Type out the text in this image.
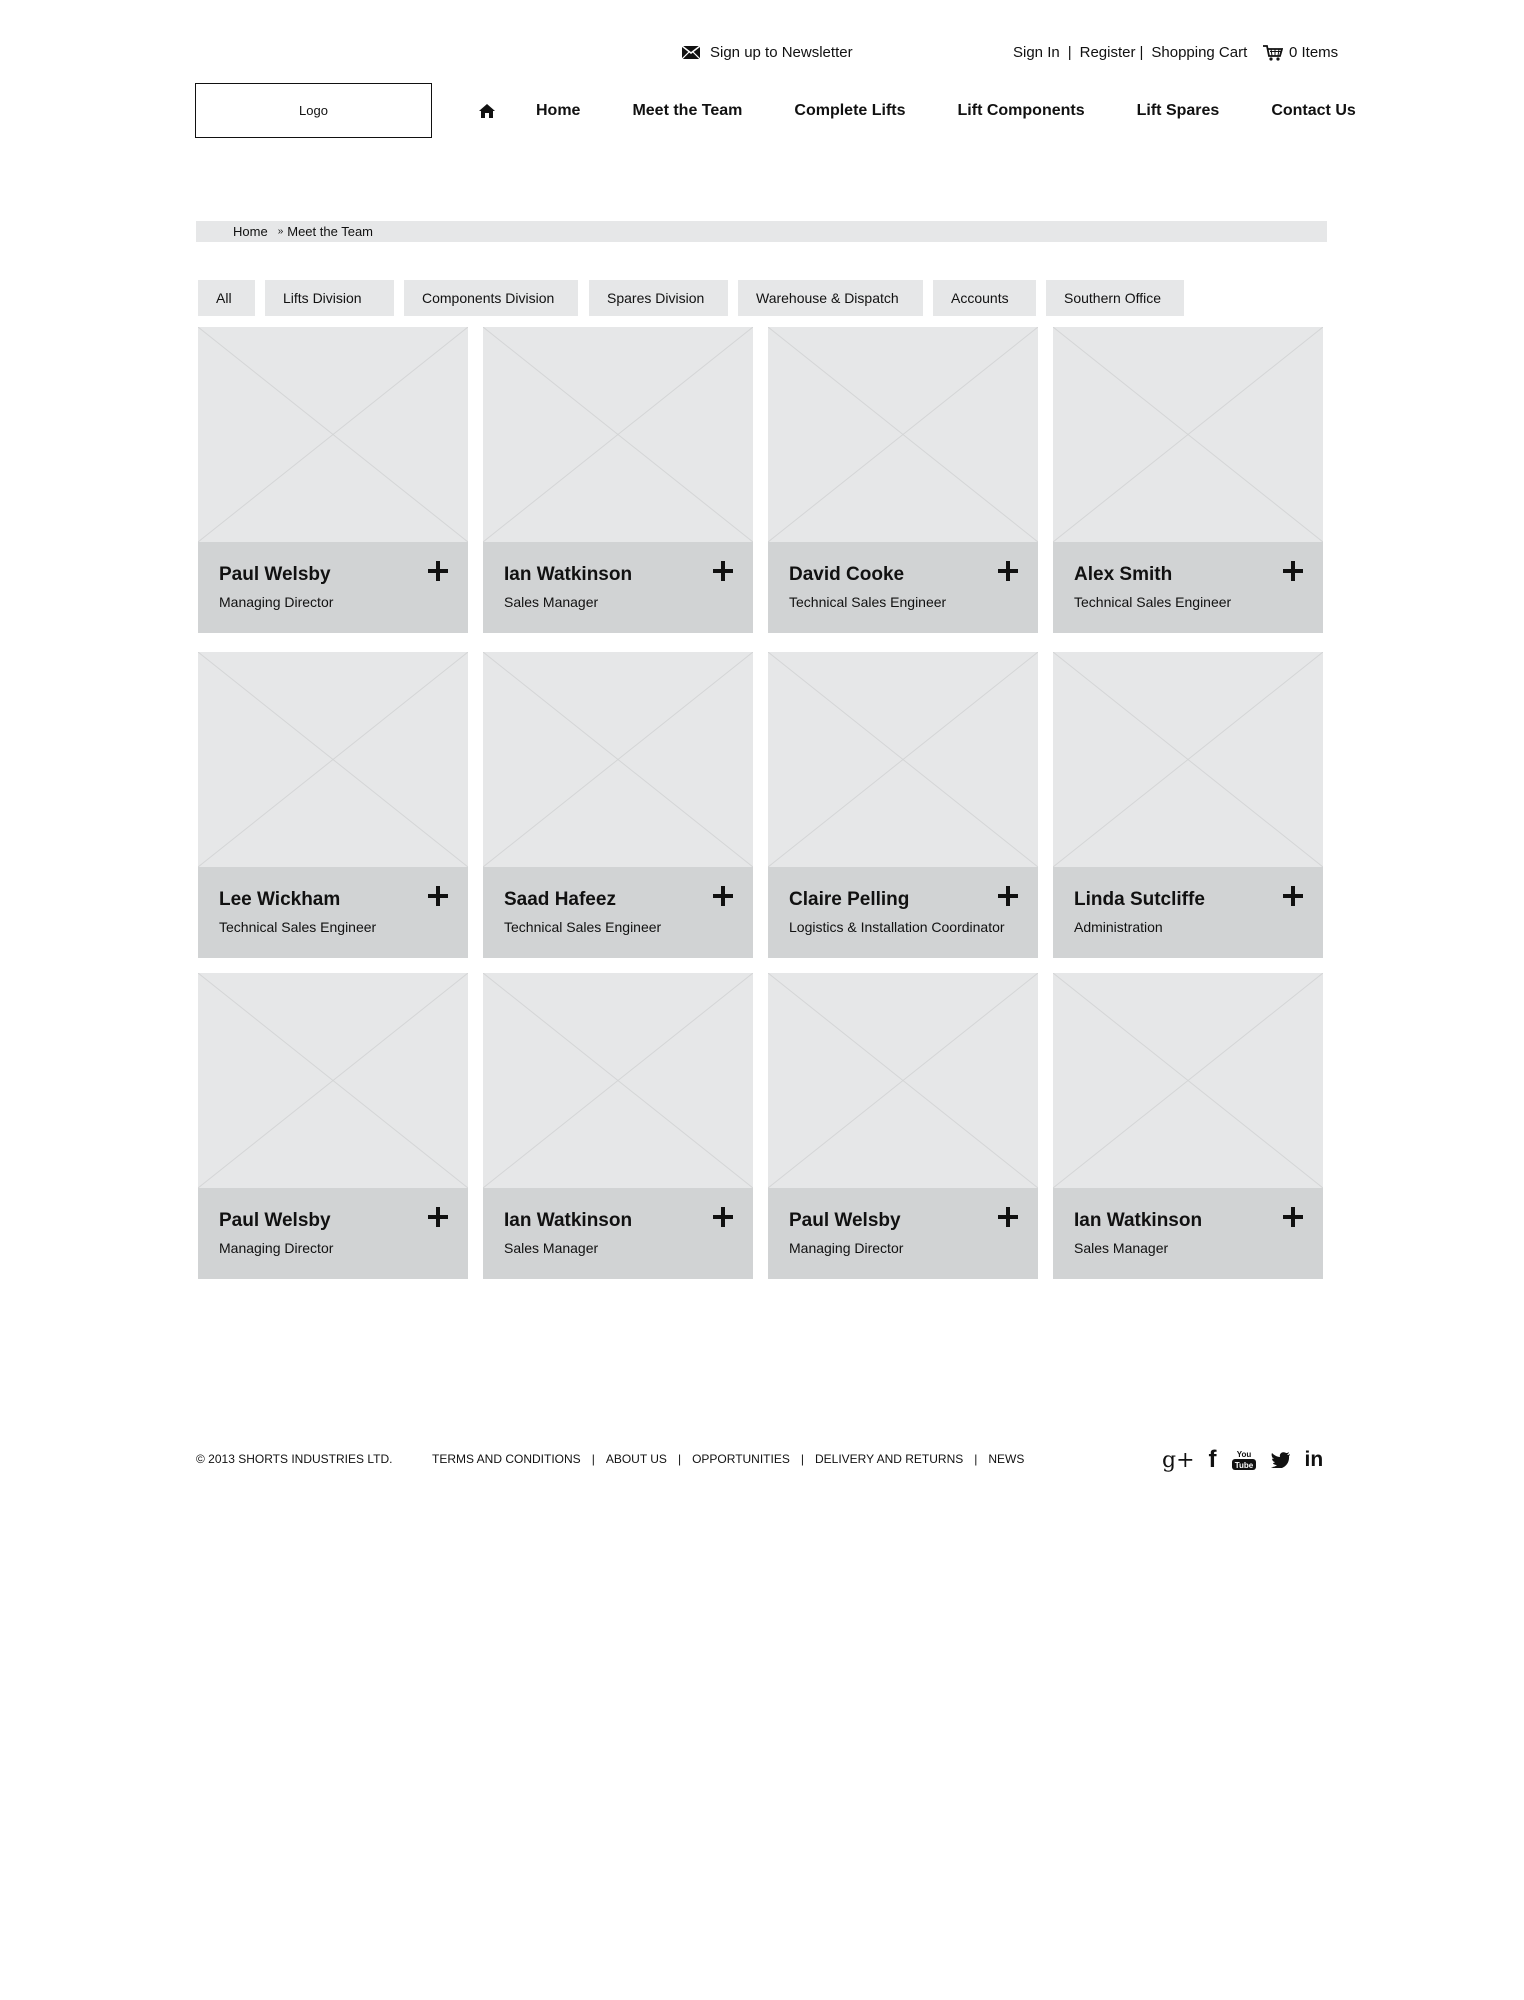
Sign up to Newsletter	Sign In | Register | Shopping Cart	0 Items
Logo	Home	Meet the Team	Complete Lifts	Lift Components	Lift Spares	Contact Us
Home » Meet the Team
All	Lifts Division	Components Division	Spares Division	Warehouse & Dispatch	Accounts	Southern Office
Paul Welsby
Managing Director
Ian Watkinson
Sales Manager
David Cooke
Technical Sales Engineer
Alex Smith
Technical Sales Engineer
Lee Wickham
Technical Sales Engineer
Saad Hafeez
Technical Sales Engineer
Claire Pelling
Logistics & Installation Coordinator
Linda Sutcliffe
Administration
Paul Welsby
Managing Director
Ian Watkinson
Sales Manager
Paul Welsby
Managing Director
Ian Watkinson
Sales Manager
© 2013 SHORTS INDUSTRIES LTD.	TERMS AND CONDITIONS | ABOUT US | OPPORTUNITIES | DELIVERY AND RETURNS | NEWS	g+ f You
Tube in
